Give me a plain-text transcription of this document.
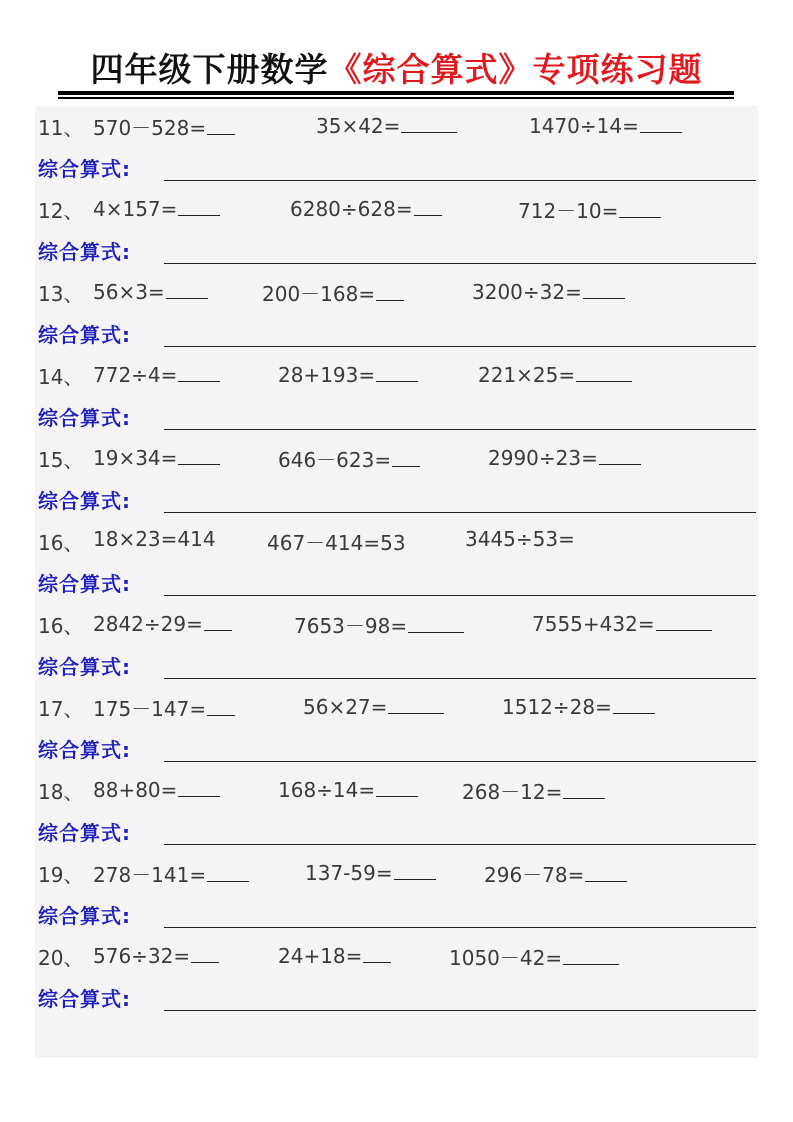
四年级下册数学《综合算式》专项练习题
11、 570－528=	35×42=	1470÷14=
综合算式:
12、 4×157=	6280÷628=	712－10=
综合算式:
13、 56×3=	200－168=	3200÷32=
综合算式:
14、 772÷4=	28+193=	221×25=
综合算式:
15、 19×34=	646－623=	2990÷23=
综合算式:
16、 18×23=414	467－414=53	3445÷53=
综合算式:
16、 2842÷29=	7653－98=	7555+432=
综合算式:
17、 175－147=	56×27=	1512÷28=
综合算式:
18、 88+80=	168÷14=	268－12=
综合算式:
19、 278－141=	137-59=	296－78=
综合算式:
20、 576÷32=	24+18=	1050－42=
综合算式:
